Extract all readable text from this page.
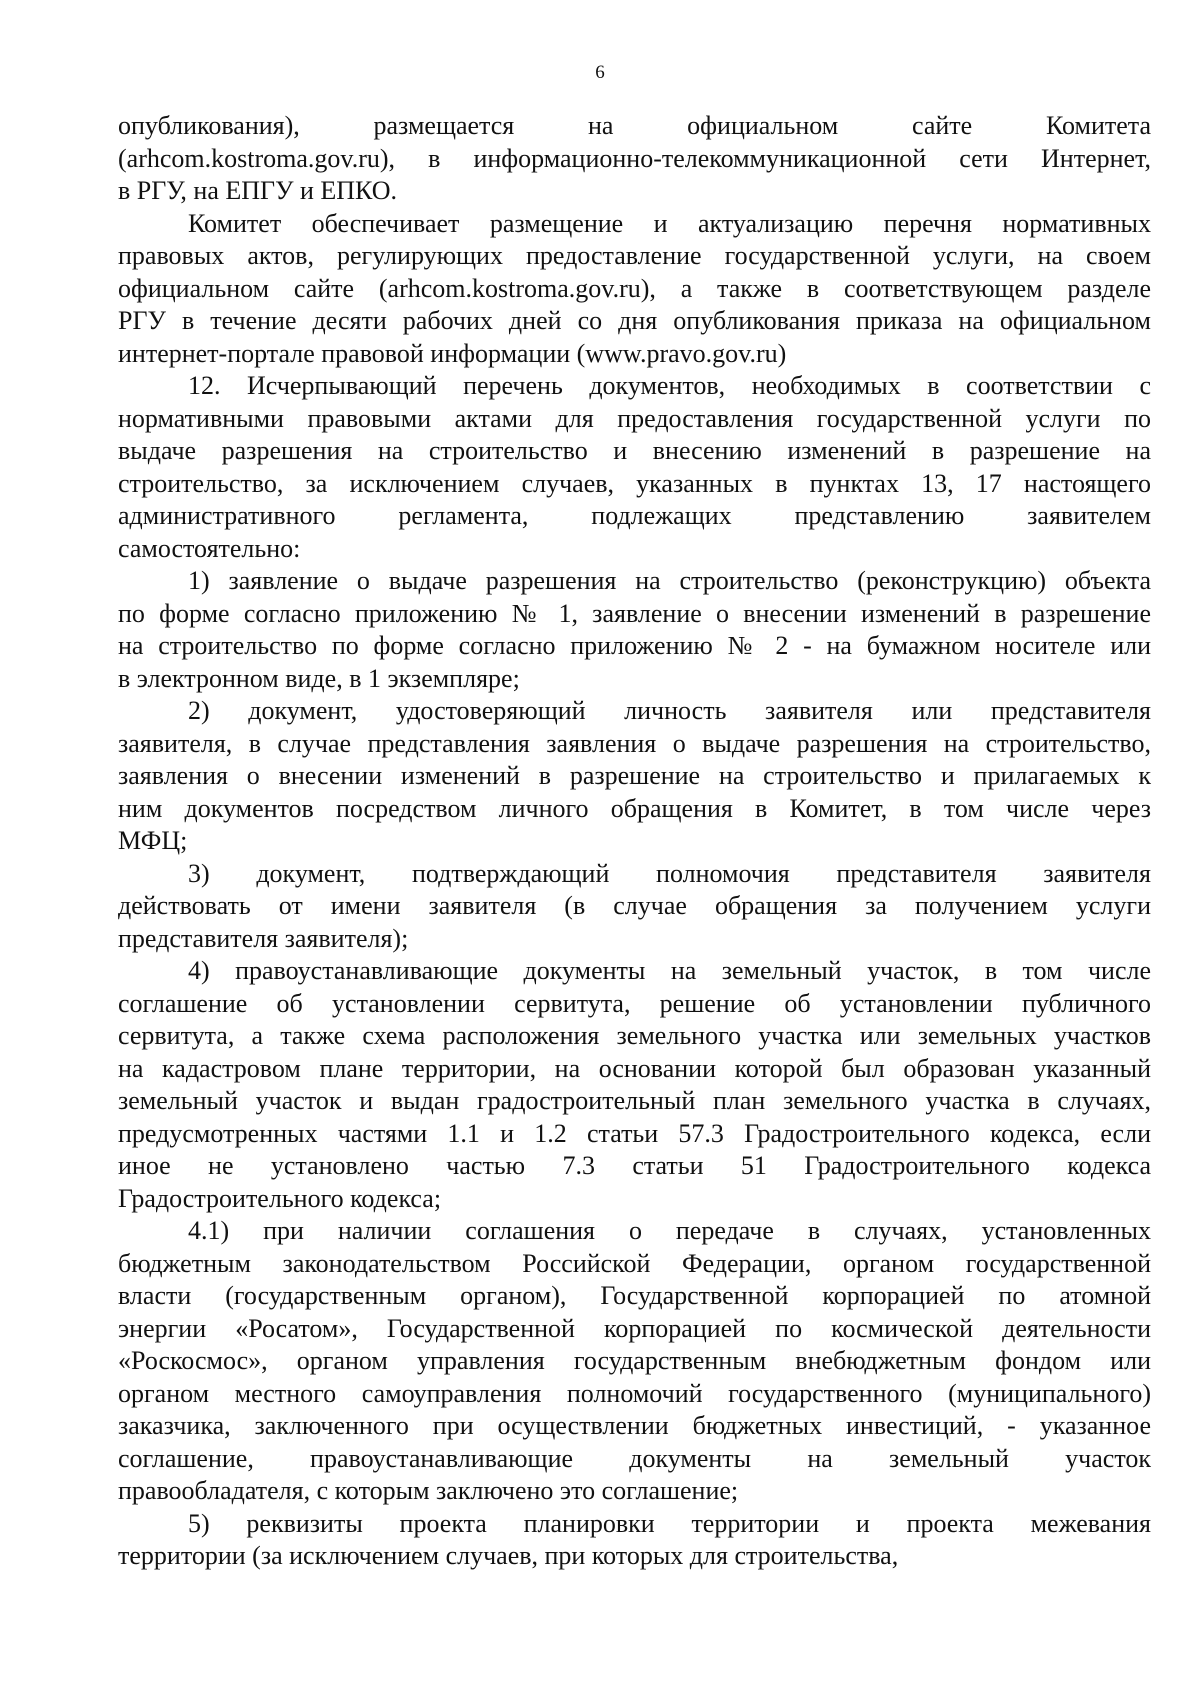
6

опубликования),    размещается    на    официальном    сайте    Комитета
(arhcom.kostroma.gov.ru), в информационно-телекоммуникационной сети Интернет,
в РГУ, на ЕПГУ и ЕПКО.

Комитет обеспечивает размещение и актуализацию перечня нормативных
правовых актов, регулирующих предоставление государственной услуги, на своем
официальном сайте (arhcom.kostroma.gov.ru), а также в соответствующем разделе
РГУ в течение десяти рабочих дней со дня опубликования приказа на официальном
интернет-портале правовой информации (www.pravo.gov.ru)

12. Исчерпывающий перечень документов, необходимых в соответствии с
нормативными правовыми актами для предоставления государственной услуги по
выдаче разрешения на строительство и внесению изменений в разрешение на
строительство, за исключением случаев, указанных в пунктах 13, 17 настоящего
административного регламента, подлежащих представлению заявителем
самостоятельно:

1) заявление о выдаче разрешения на строительство (реконструкцию) объекта
по форме согласно приложению № 1, заявление о внесении изменений в разрешение
на строительство по форме согласно приложению № 2 - на бумажном носителе или
в электронном виде, в 1 экземпляре;

2) документ, удостоверяющий личность заявителя или представителя
заявителя, в случае представления заявления о выдаче разрешения на строительство,
заявления о внесении изменений в разрешение на строительство и прилагаемых к
ним документов посредством личного обращения в Комитет, в том числе через
МФЦ;

3) документ, подтверждающий полномочия представителя заявителя
действовать от имени заявителя (в случае обращения за получением услуги
представителя заявителя);

4) правоустанавливающие документы на земельный участок, в том числе
соглашение об установлении сервитута, решение об установлении публичного
сервитута, а также схема расположения земельного участка или земельных участков
на кадастровом плане территории, на основании которой был образован указанный
земельный участок и выдан градостроительный план земельного участка в случаях,
предусмотренных частями 1.1 и 1.2 статьи 57.3 Градостроительного кодекса, если
иное не установлено частью 7.3 статьи 51 Градостроительного кодекса
Градостроительного кодекса;

4.1) при наличии соглашения о передаче в случаях, установленных
бюджетным законодательством Российской Федерации, органом государственной
власти (государственным органом), Государственной корпорацией по атомной
энергии «Росатом», Государственной корпорацией по космической деятельности
«Роскосмос», органом управления государственным внебюджетным фондом или
органом местного самоуправления полномочий государственного (муниципального)
заказчика, заключенного при осуществлении бюджетных инвестиций, - указанное
соглашение, правоустанавливающие документы на земельный участок
правообладателя, с которым заключено это соглашение;

5) реквизиты проекта планировки территории и проекта межевания
территории (за исключением случаев, при которых для строительства,
